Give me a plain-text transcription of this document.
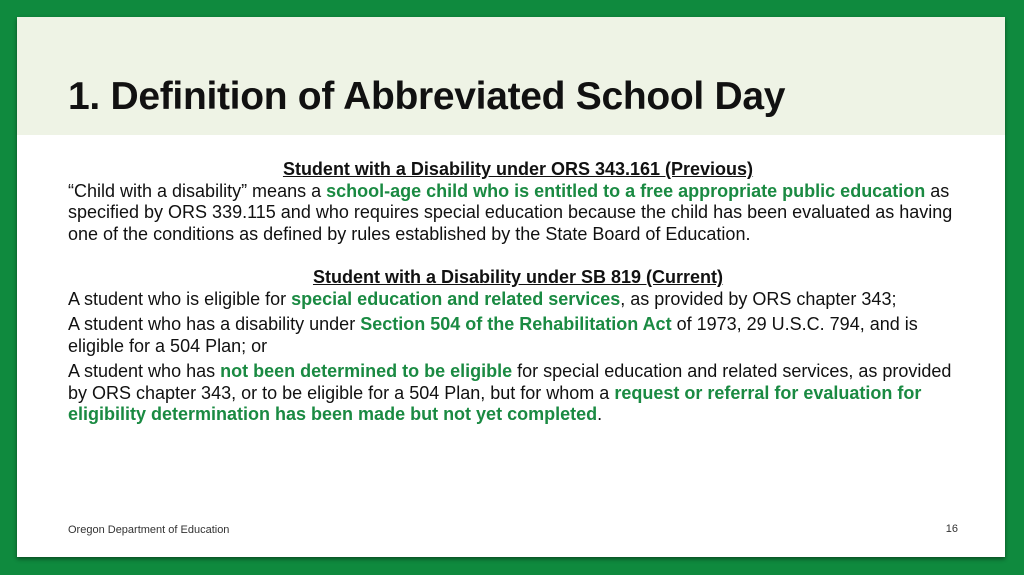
1. Definition of Abbreviated School Day
Student with a Disability under ORS 343.161 (Previous)

“Child with a disability” means a school-age child who is entitled to a free appropriate public education as specified by ORS 339.115 and who requires special education because the child has been evaluated as having one of the conditions as defined by rules established by the State Board of Education.

Student with a Disability under SB 819 (Current)

A student who is eligible for special education and related services, as provided by ORS chapter 343;

A student who has a disability under Section 504 of the Rehabilitation Act of 1973, 29 U.S.C. 794, and is eligible for a 504 Plan; or

A student who has not been determined to be eligible for special education and related services, as provided by ORS chapter 343, or to be eligible for a 504 Plan, but for whom a request or referral for evaluation for eligibility determination has been made but not yet completed.

Oregon Department of Education	16
